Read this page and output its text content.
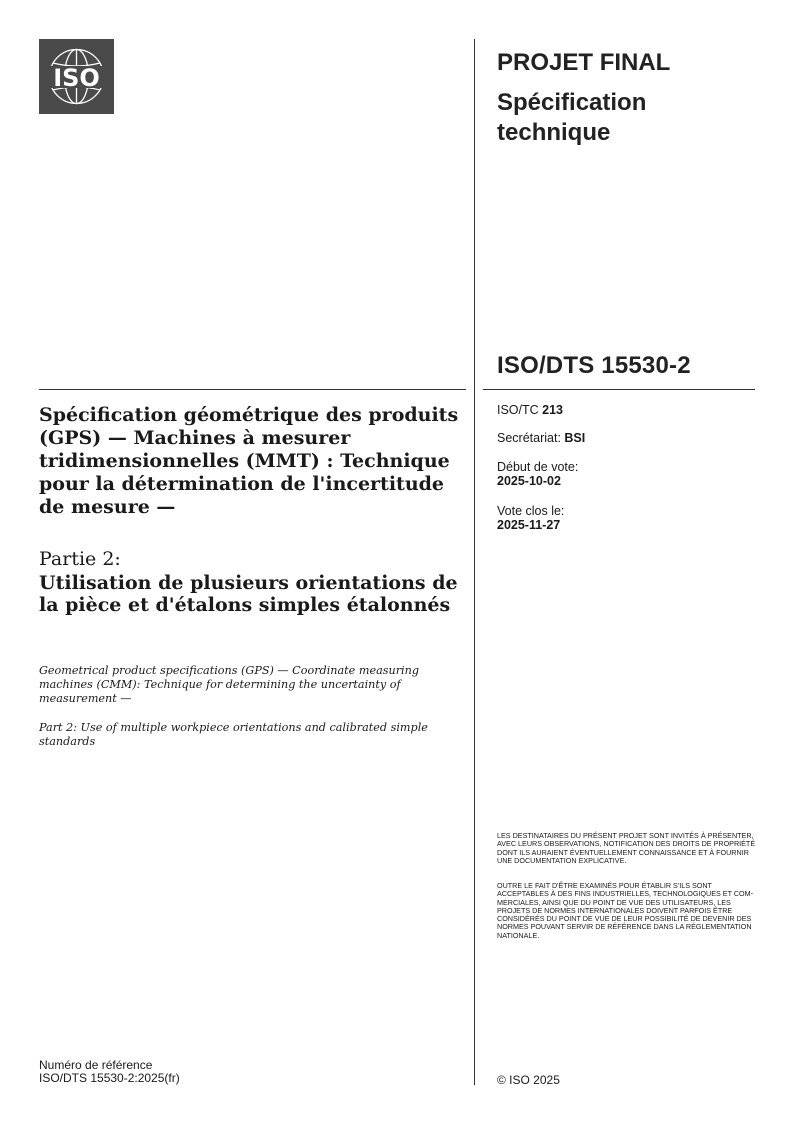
ISO
PROJET FINAL
Spécification technique
ISO/DTS 15530-2
ISO/TC 213
Secrétariat: BSI
Début de vote:
2025-10-02
Vote clos le:
2025-11-27
Spécification géométrique des produits (GPS) — Machines à mesurer tridimensionnelles (MMT) : Technique pour la détermination de l'incertitude de mesure —
Partie 2:
Utilisation de plusieurs orientations de la pièce et d'étalons simples étalonnés
Geometrical product specifications (GPS) — Coordinate measuring machines (CMM): Technique for determining the uncertainty of measurement —
Part 2: Use of multiple workpiece orientations and calibrated simple standards
LES DESTINATAIRES DU PRÉSENT PROJET SONT INVITÉS À PRÉSENTER, AVEC LEURS OBSERVATIONS, NOTIFICATION DES DROITS DE PROPRIÉTÉ DONT ILS AURAIENT ÉVENTUELLEMENT CONNAISSANCE ET À FOURNIR UNE DOCUMENTATION EXPLICATIVE.
OUTRE LE FAIT D'ÊTRE EXAMINÉS POUR ÉTABLIR S'ILS SONT ACCEPTABLES À DES FINS INDUSTRIELLES, TECHNOLOGIQUES ET COM-MERCIALES, AINSI QUE DU POINT DE VUE DES UTILISATEURS, LES PROJETS DE NORMES INTERNATIONALES DOIVENT PARFOIS ÊTRE CONSIDÉRÉS DU POINT DE VUE DE LEUR POSSIBILITÉ DE DEVENIR DES NORMES POUVANT SERVIR DE RÉFÉRENCE DANS LA RÉGLEMENTATION NATIONALE.
Numéro de référence
ISO/DTS 15530-2:2025(fr)	© ISO 2025
